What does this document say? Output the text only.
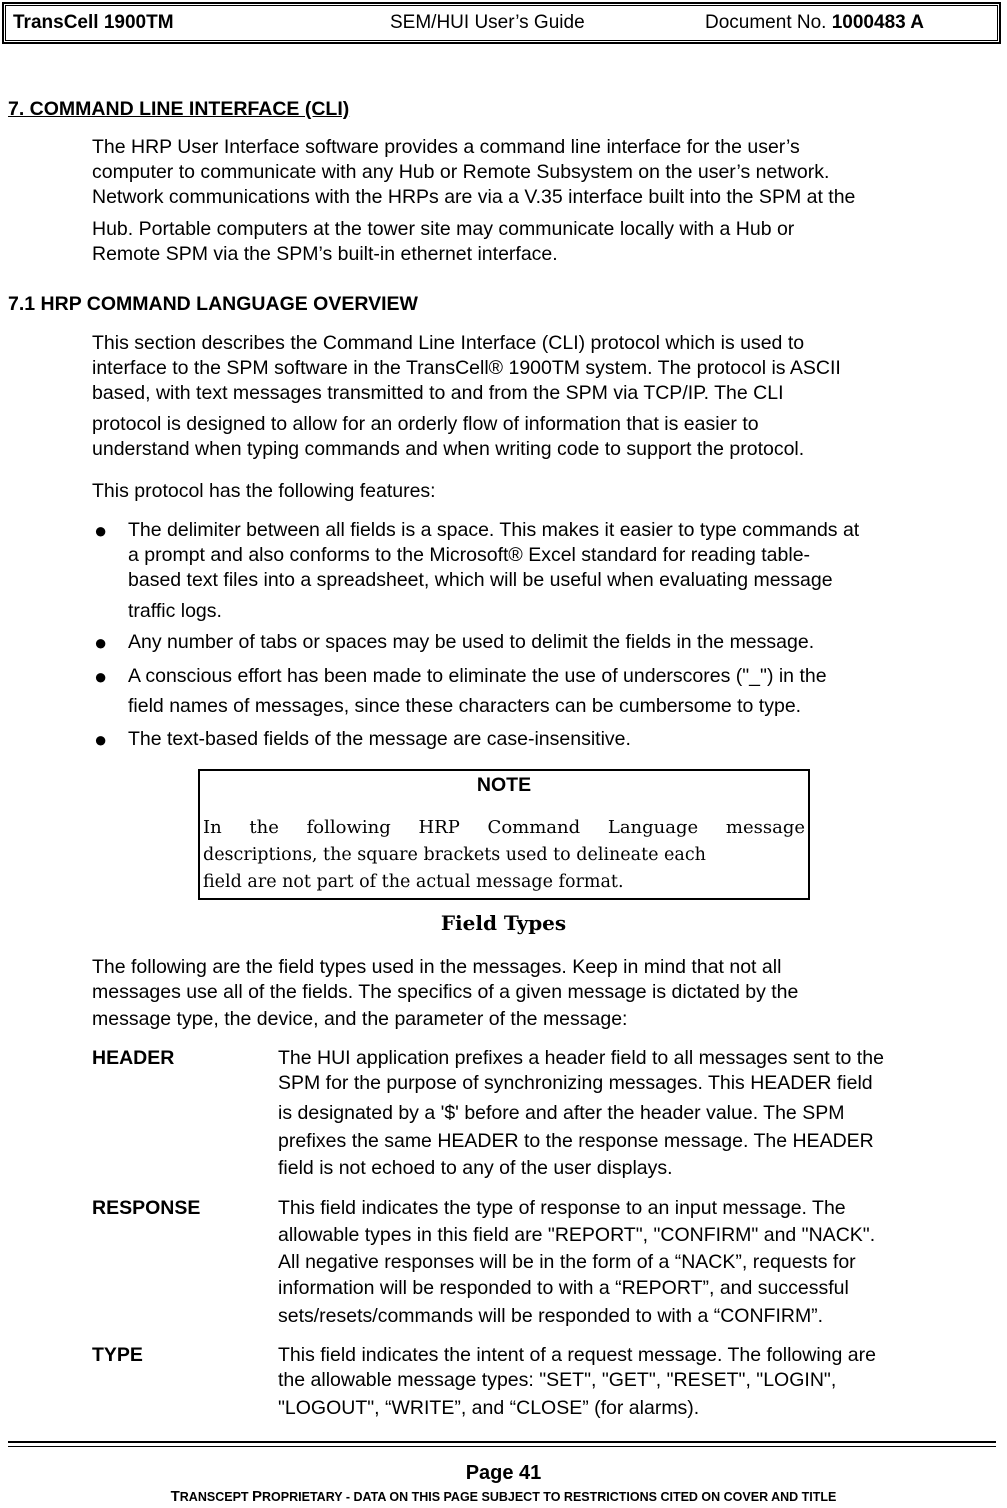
TransCell 1900TM	SEM/HUI User’s Guide	Document No. 1000483 A
7. COMMAND LINE INTERFACE (CLI)
The HRP User Interface software provides a command line interface for the user’s
computer to communicate with any Hub or Remote Subsystem on the user’s network.
Network communications with the HRPs are via a V.35 interface built into the SPM at the
Hub. Portable computers at the tower site may communicate locally with a Hub or
Remote SPM via the SPM’s built-in ethernet interface.
7.1 HRP COMMAND LANGUAGE OVERVIEW
This section describes the Command Line Interface (CLI) protocol which is used to
interface to the SPM software in the TransCell® 1900TM system. The protocol is ASCII
based, with text messages transmitted to and from the SPM via TCP/IP. The CLI
protocol is designed to allow for an orderly flow of information that is easier to
understand when typing commands and when writing code to support the protocol.
This protocol has the following features:
● The delimiter between all fields is a space. This makes it easier to type commands at
a prompt and also conforms to the Microsoft® Excel standard for reading table-
based text files into a spreadsheet, which will be useful when evaluating message
traffic logs.
● Any number of tabs or spaces may be used to delimit the fields in the message.
● A conscious effort has been made to eliminate the use of underscores ("_") in the
field names of messages, since these characters can be cumbersome to type.
● The text-based fields of the message are case-insensitive.
NOTE
In the following HRP Command Language message
descriptions, the square brackets used to delineate each
field are not part of the actual message format.
Field Types
The following are the field types used in the messages. Keep in mind that not all
messages use all of the fields. The specifics of a given message is dictated by the
message type, the device, and the parameter of the message:
HEADER	The HUI application prefixes a header field to all messages sent to the
SPM for the purpose of synchronizing messages. This HEADER field
is designated by a '$' before and after the header value. The SPM
prefixes the same HEADER to the response message. The HEADER
field is not echoed to any of the user displays.
RESPONSE	This field indicates the type of response to an input message. The
allowable types in this field are "REPORT", "CONFIRM" and "NACK".
All negative responses will be in the form of a “NACK”, requests for
information will be responded to with a “REPORT”, and successful
sets/resets/commands will be responded to with a “CONFIRM”.
TYPE	This field indicates the intent of a request message. The following are
the allowable message types: "SET", "GET", "RESET", "LOGIN",
"LOGOUT", “WRITE”, and “CLOSE” (for alarms).
Page 41
TRANSCEPT PROPRIETARY - DATA ON THIS PAGE SUBJECT TO RESTRICTIONS CITED ON COVER AND TITLE
